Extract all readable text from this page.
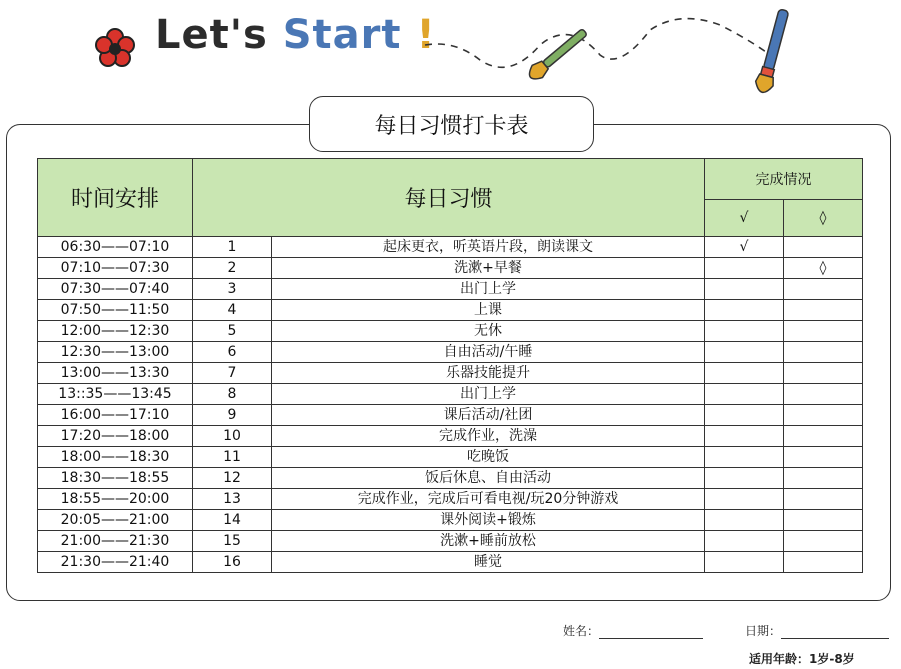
Let's Start !
每日习惯打卡表
时间安排	每日习惯		完成情况	
			√	◊
06:30——07:10	1	起床更衣，听英语片段，朗读课文	√	
07:10——07:30	2	洗漱+早餐		◊
07:30——07:40	3	出门上学		
07:50——11:50	4	上课		
12:00——12:30	5	无休		
12:30——13:00	6	自由活动/午睡		
13:00——13:30	7	乐器技能提升		
13::35——13:45	8	出门上学		
16:00——17:10	9	课后活动/社团		
17:20——18:00	10	完成作业，洗澡		
18:00——18:30	11	吃晚饭		
18:30——18:55	12	饭后休息、自由活动		
18:55——20:00	13	完成作业，完成后可看电视/玩20分钟游戏		
20:05——21:00	14	课外阅读+锻炼		
21:00——21:30	15	洗漱+睡前放松		
21:30——21:40	16	睡觉		
姓名：	日期：
适用年龄：1岁-8岁
